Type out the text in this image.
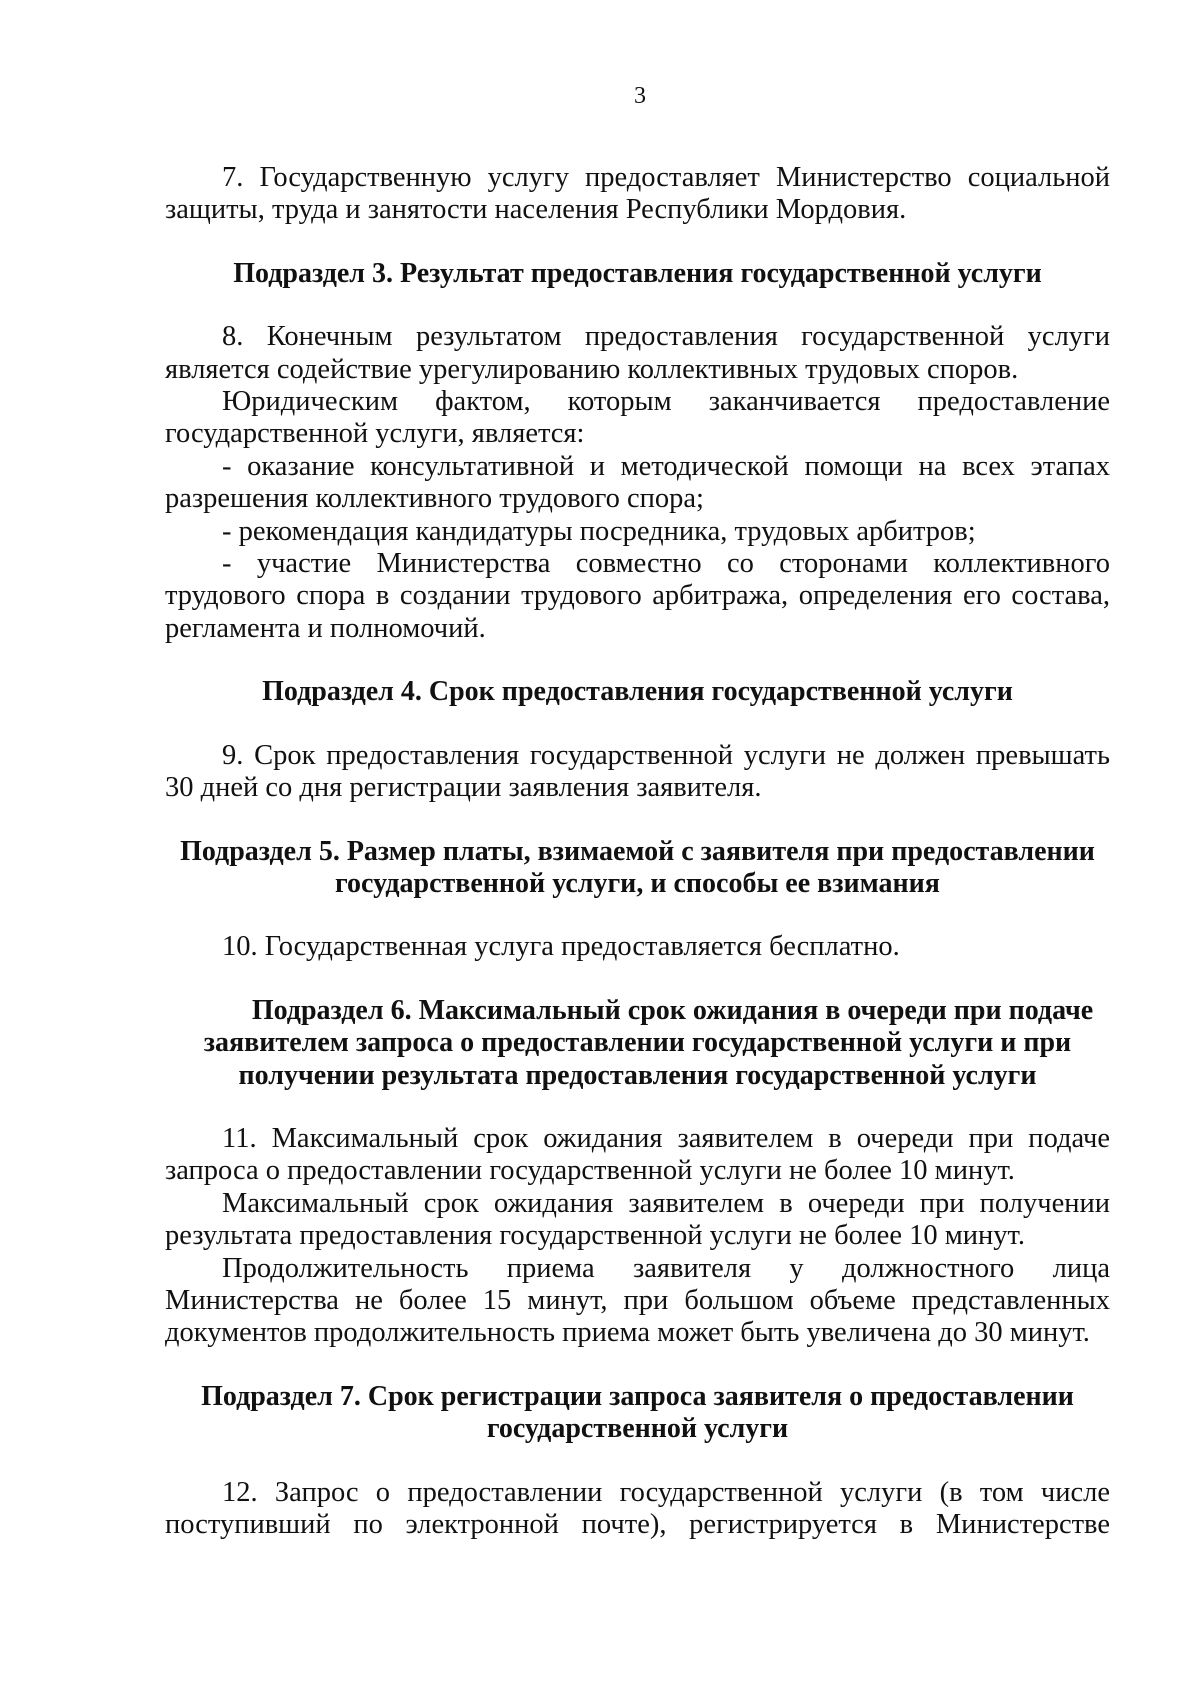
3

7. Государственную услугу предоставляет Министерство социальной защиты, труда и занятости населения Республики Мордовия.

Подраздел 3. Результат предоставления государственной услуги

8. Конечным результатом предоставления государственной услуги является содействие урегулированию коллективных трудовых споров.

Юридическим фактом, которым заканчивается предоставление государственной услуги, является:

- оказание консультативной и методической помощи на всех этапах разрешения коллективного трудового спора;

- рекомендация кандидатуры посредника, трудовых арбитров;

- участие Министерства совместно со сторонами коллективного трудового спора в создании трудового арбитража, определения его состава, регламента и полномочий.

Подраздел 4. Срок предоставления государственной услуги

9. Срок предоставления государственной услуги не должен превышать 30 дней со дня регистрации заявления заявителя.

Подраздел 5. Размер платы, взимаемой с заявителя при предоставлении
государственной услуги, и способы ее взимания

10. Государственная услуга предоставляется бесплатно.

Подраздел 6. Максимальный срок ожидания в очереди при подаче
заявителем запроса о предоставлении государственной услуги и при
получении результата предоставления государственной услуги

11. Максимальный срок ожидания заявителем в очереди при подаче запроса о предоставлении государственной услуги не более 10 минут.

Максимальный срок ожидания заявителем в очереди при получении результата предоставления государственной услуги не более 10 минут.

Продолжительность приема заявителя у должностного лица Министерства не более 15 минут, при большом объеме представленных документов продолжительность приема может быть увеличена до 30 минут.

Подраздел 7. Срок регистрации запроса заявителя о предоставлении
государственной услуги

12. Запрос о предоставлении государственной услуги (в том числе поступивший по электронной почте), регистрируется в Министерстве
